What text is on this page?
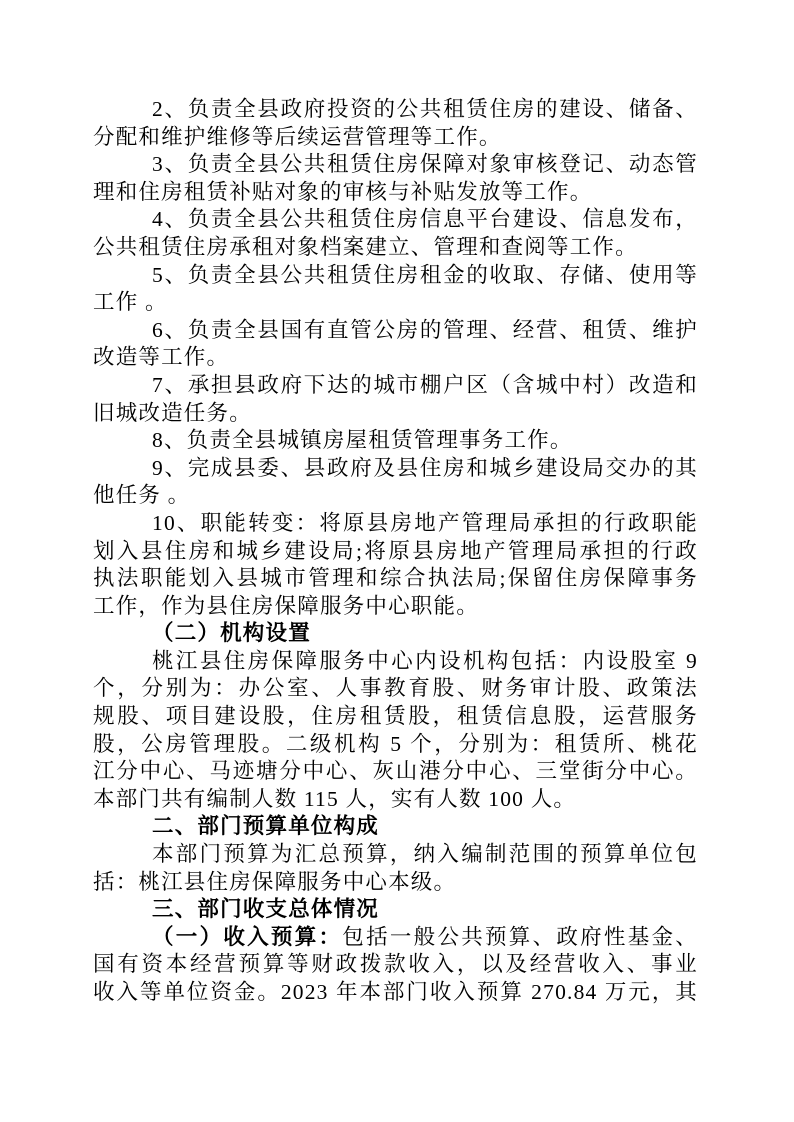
2、负责全县政府投资的公共租赁住房的建设、储备、
分配和维护维修等后续运营管理等工作。
3、负责全县公共租赁住房保障对象审核登记、动态管
理和住房租赁补贴对象的审核与补贴发放等工作。
4、负责全县公共租赁住房信息平台建设、信息发布，
公共租赁住房承租对象档案建立、管理和查阅等工作。
5、负责全县公共租赁住房租金的收取、存储、使用等
工作 。
6、负责全县国有直管公房的管理、经营、租赁、维护
改造等工作。
7、承担县政府下达的城市棚户区（含城中村）改造和
旧城改造任务。
8、负责全县城镇房屋租赁管理事务工作。
9、完成县委、县政府及县住房和城乡建设局交办的其
他任务 。
10、职能转变：将原县房地产管理局承担的行政职能
划入县住房和城乡建设局;将原县房地产管理局承担的行政
执法职能划入县城市管理和综合执法局;保留住房保障事务
工作，作为县住房保障服务中心职能。
（二）机构设置
桃江县住房保障服务中心内设机构包括：内设股室 9
个，分别为：办公室、人事教育股、财务审计股、政策法
规股、项目建设股，住房租赁股，租赁信息股，运营服务
股，公房管理股。二级机构 5 个，分别为：租赁所、桃花
江分中心、马迹塘分中心、灰山港分中心、三堂街分中心。
本部门共有编制人数 115 人，实有人数 100 人。
二、部门预算单位构成
本部门预算为汇总预算，纳入编制范围的预算单位包
括：桃江县住房保障服务中心本级。
三、部门收支总体情况
（一）收入预算：包括一般公共预算、政府性基金、
国有资本经营预算等财政拨款收入，以及经营收入、事业
收入等单位资金。2023 年本部门收入预算 270.84 万元，其
